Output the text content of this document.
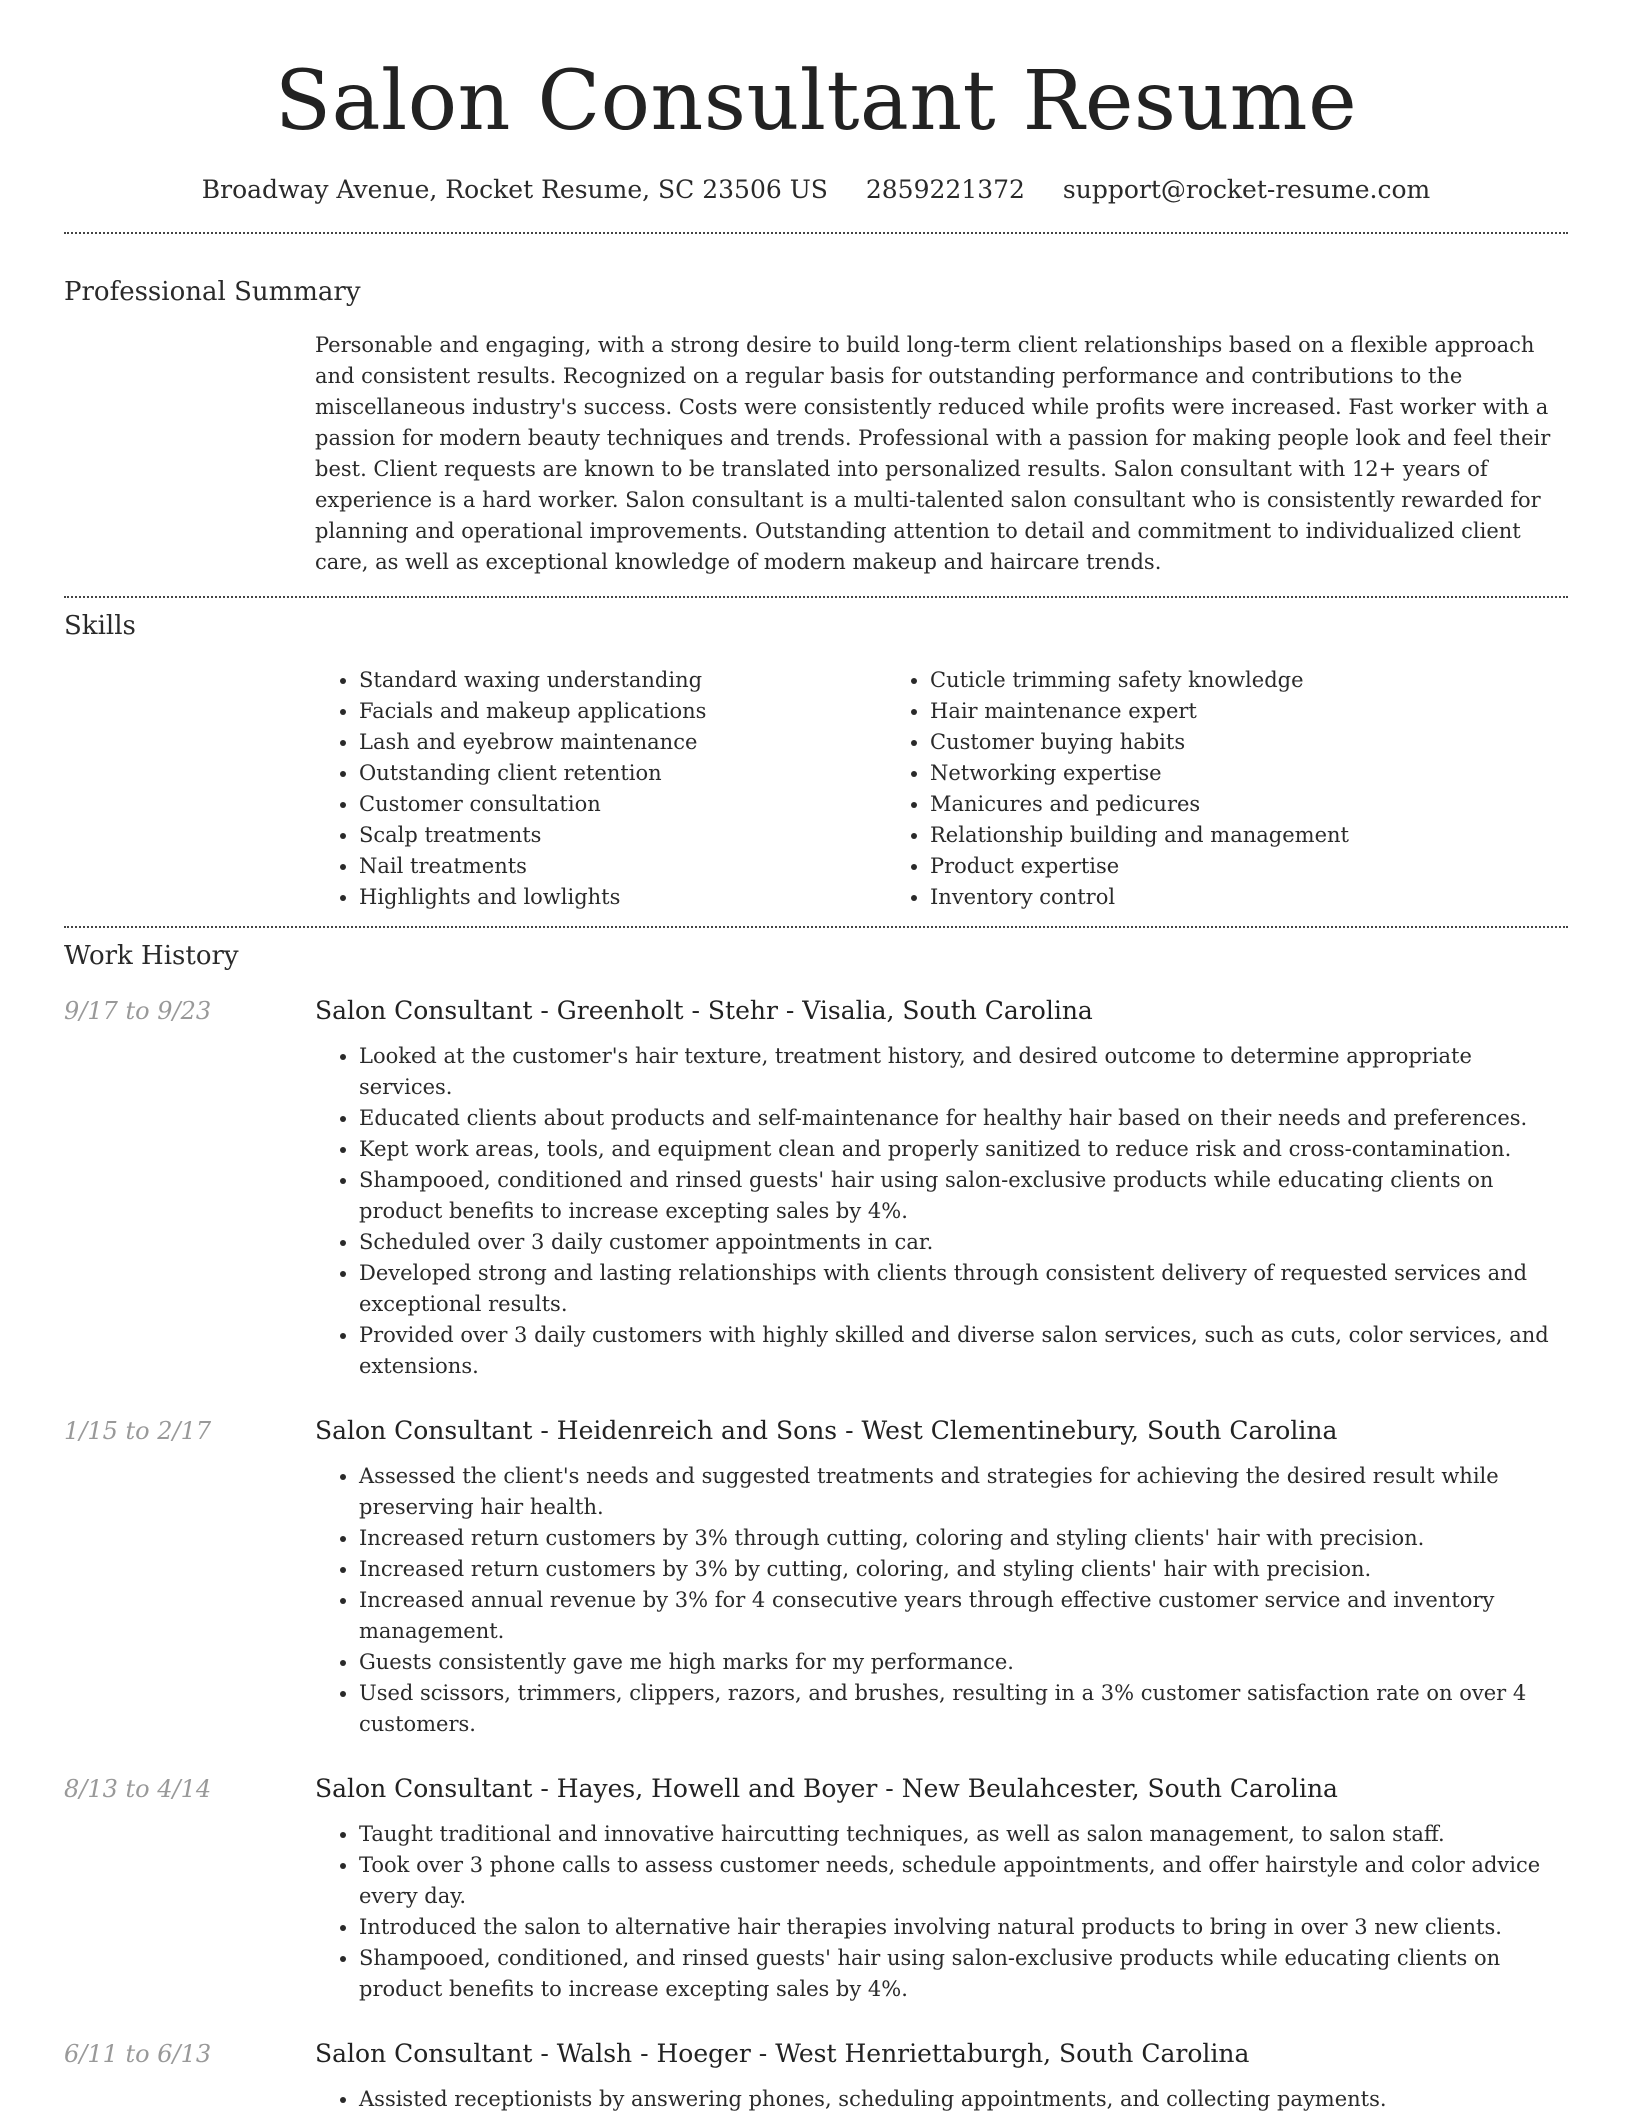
Salon Consultant Resume
Broadway Avenue, Rocket Resume, SC 23506 US 2859221372 support@rocket-resume.com
Professional Summary
Personable and engaging, with a strong desire to build long-term client relationships based on a flexible approach and consistent results. Recognized on a regular basis for outstanding performance and contributions to the miscellaneous industry's success. Costs were consistently reduced while profits were increased. Fast worker with a passion for modern beauty techniques and trends. Professional with a passion for making people look and feel their best. Client requests are known to be translated into personalized results. Salon consultant with 12+ years of experience is a hard worker. Salon consultant is a multi-talented salon consultant who is consistently rewarded for planning and operational improvements. Outstanding attention to detail and commitment to individualized client care, as well as exceptional knowledge of modern makeup and haircare trends.
Skills
• Standard waxing understanding
• Facials and makeup applications
• Lash and eyebrow maintenance
• Outstanding client retention
• Customer consultation
• Scalp treatments
• Nail treatments
• Highlights and lowlights
• Cuticle trimming safety knowledge
• Hair maintenance expert
• Customer buying habits
• Networking expertise
• Manicures and pedicures
• Relationship building and management
• Product expertise
• Inventory control
Work History
9/17 to 9/23	Salon Consultant - Greenholt - Stehr - Visalia, South Carolina
• Looked at the customer's hair texture, treatment history, and desired outcome to determine appropriate services.
• Educated clients about products and self-maintenance for healthy hair based on their needs and preferences.
• Kept work areas, tools, and equipment clean and properly sanitized to reduce risk and cross-contamination.
• Shampooed, conditioned and rinsed guests' hair using salon-exclusive products while educating clients on product benefits to increase excepting sales by 4%.
• Scheduled over 3 daily customer appointments in car.
• Developed strong and lasting relationships with clients through consistent delivery of requested services and exceptional results.
• Provided over 3 daily customers with highly skilled and diverse salon services, such as cuts, color services, and extensions.
1/15 to 2/17	Salon Consultant - Heidenreich and Sons - West Clementinebury, South Carolina
• Assessed the client's needs and suggested treatments and strategies for achieving the desired result while preserving hair health.
• Increased return customers by 3% through cutting, coloring and styling clients' hair with precision.
• Increased return customers by 3% by cutting, coloring, and styling clients' hair with precision.
• Increased annual revenue by 3% for 4 consecutive years through effective customer service and inventory management.
• Guests consistently gave me high marks for my performance.
• Used scissors, trimmers, clippers, razors, and brushes, resulting in a 3% customer satisfaction rate on over 4 customers.
8/13 to 4/14	Salon Consultant - Hayes, Howell and Boyer - New Beulahcester, South Carolina
• Taught traditional and innovative haircutting techniques, as well as salon management, to salon staff.
• Took over 3 phone calls to assess customer needs, schedule appointments, and offer hairstyle and color advice every day.
• Introduced the salon to alternative hair therapies involving natural products to bring in over 3 new clients.
• Shampooed, conditioned, and rinsed guests' hair using salon-exclusive products while educating clients on product benefits to increase excepting sales by 4%.
6/11 to 6/13	Salon Consultant - Walsh - Hoeger - West Henriettaburgh, South Carolina
• Assisted receptionists by answering phones, scheduling appointments, and collecting payments.
